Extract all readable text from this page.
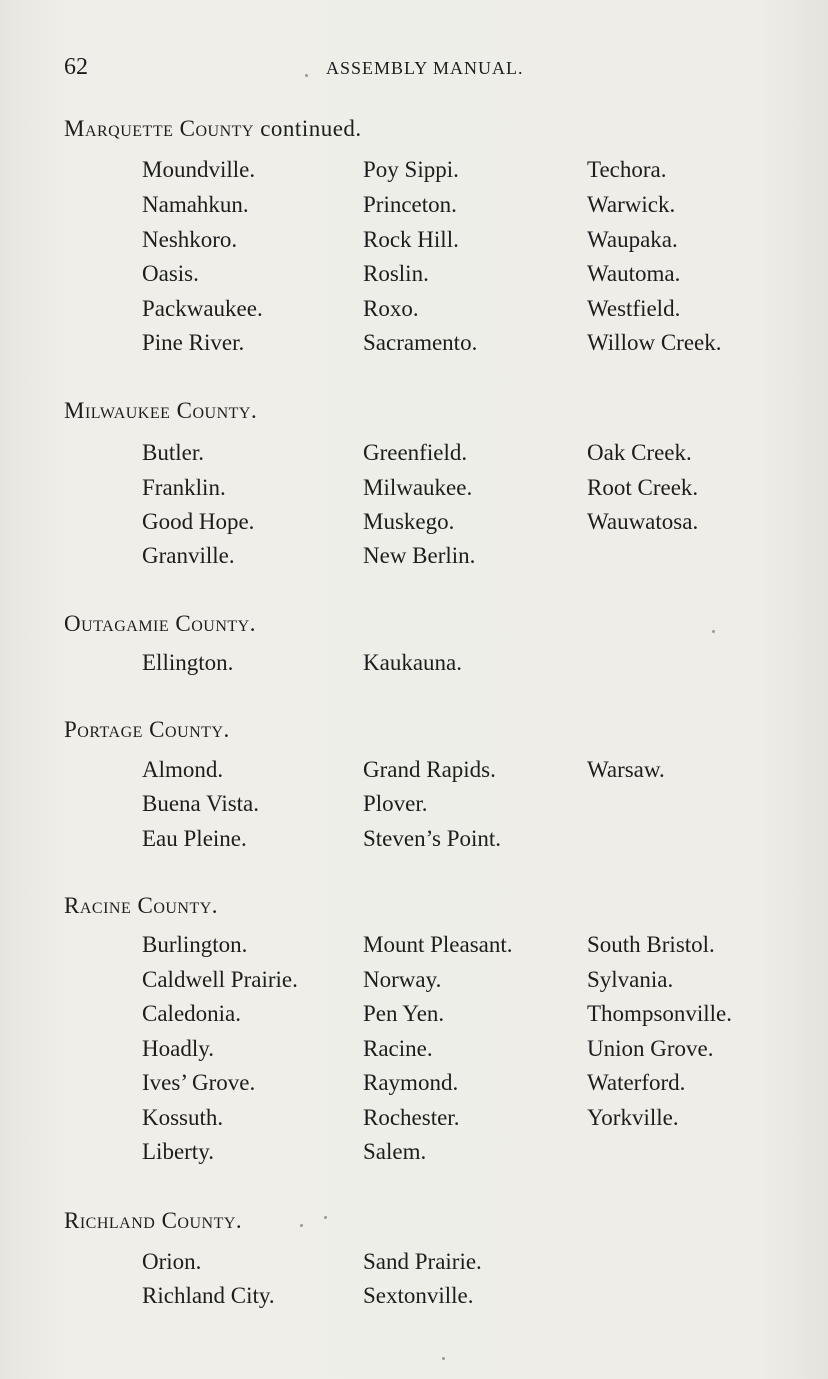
62	ASSEMBLY MANUAL.
Marquette County continued.
Moundville.
Namahkun.
Neshkoro.
Oasis.
Packwaukee.
Pine River.
Poy Sippi.
Princeton.
Rock Hill.
Roslin.
Roxo.
Sacramento.
Techora.
Warwick.
Waupaka.
Wautoma.
Westfield.
Willow Creek.
Milwaukee County.
Butler.
Franklin.
Good Hope.
Granville.
Greenfield.
Milwaukee.
Muskego.
New Berlin.
Oak Creek.
Root Creek.
Wauwatosa.
Outagamie County.
Ellington.	Kaukauna.
Portage County.
Almond.
Buena Vista.
Eau Pleine.
Grand Rapids.
Plover.
Steven’s Point.
Warsaw.
Racine County.
Burlington.
Caldwell Prairie.
Caledonia.
Hoadly.
Ives’ Grove.
Kossuth.
Liberty.
Mount Pleasant.
Norway.
Pen Yen.
Racine.
Raymond.
Rochester.
Salem.
South Bristol.
Sylvania.
Thompsonville.
Union Grove.
Waterford.
Yorkville.
Richland County.
Orion.
Richland City.
Sand Prairie.
Sextonville.
